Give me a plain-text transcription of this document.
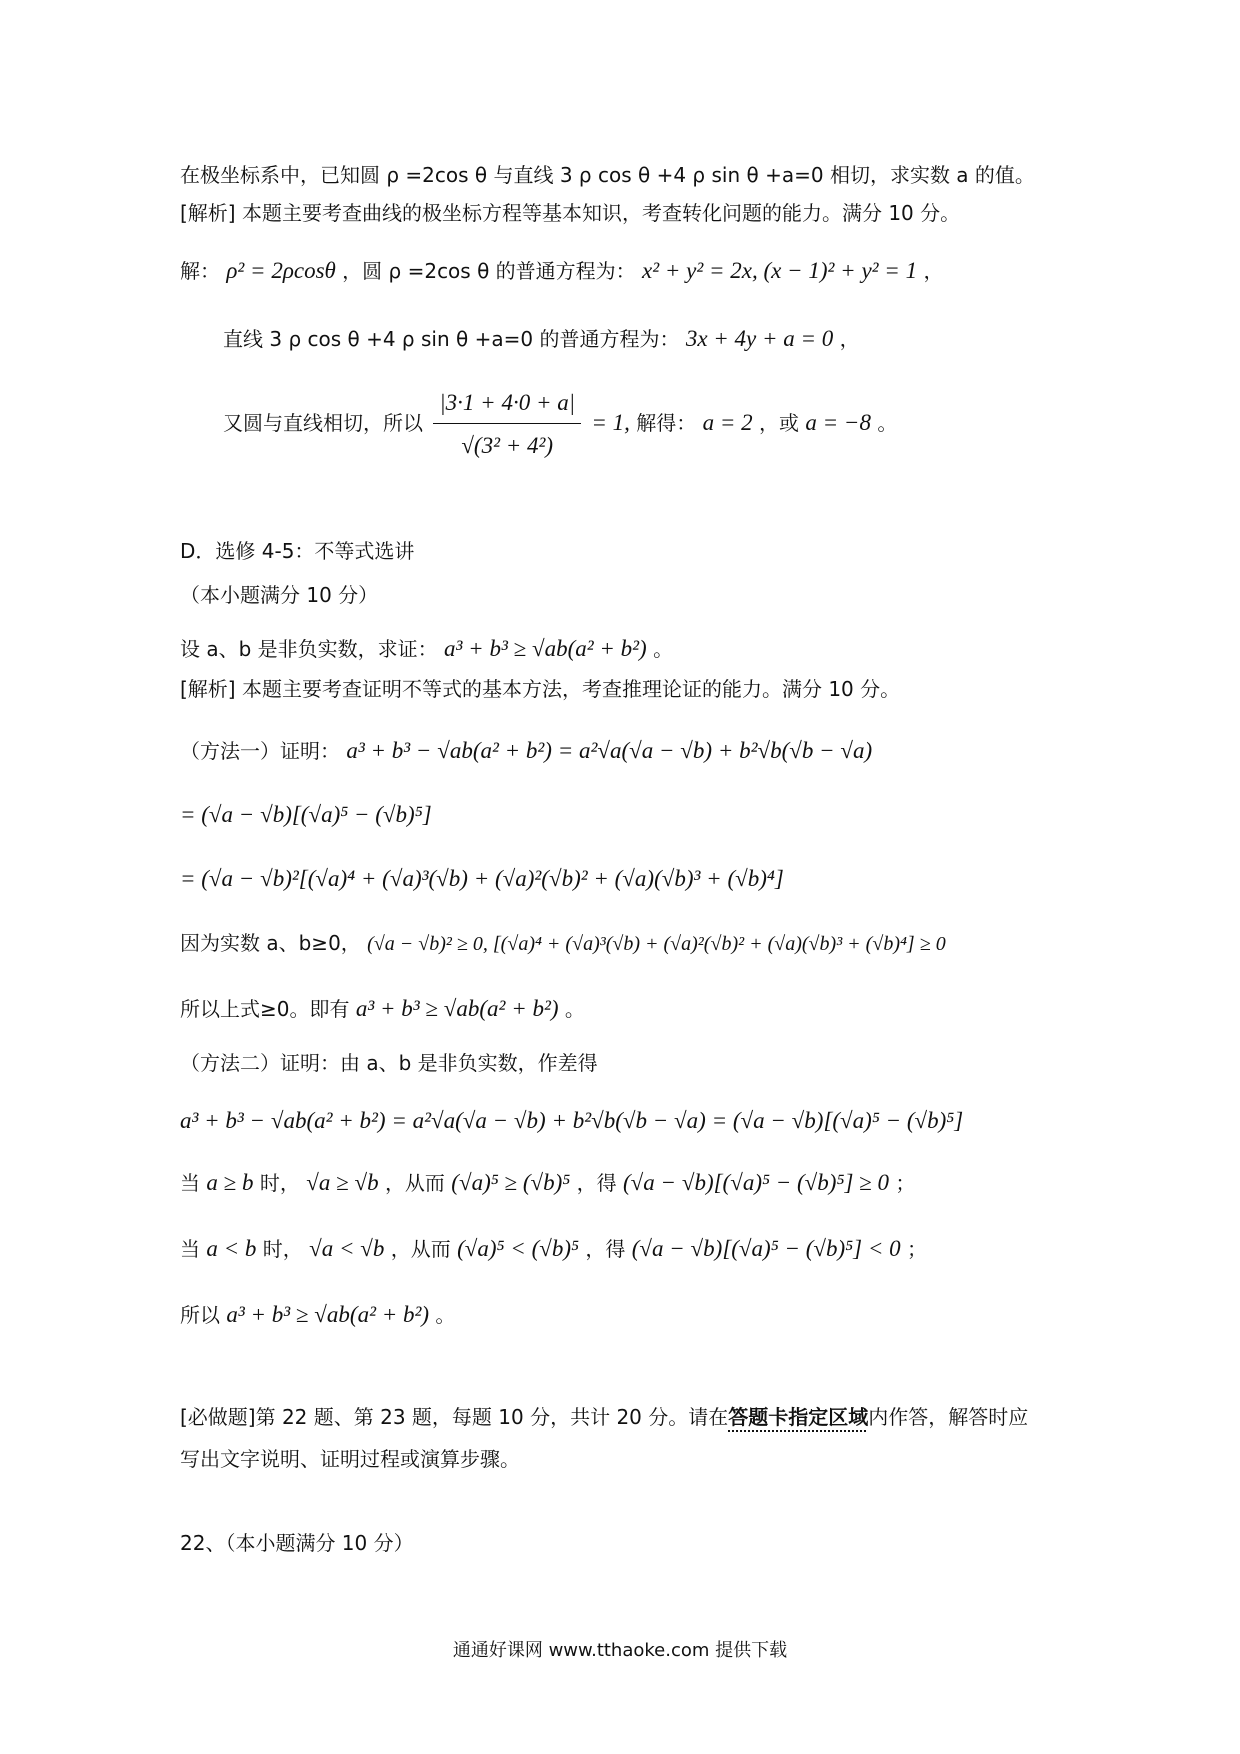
在极坐标系中，已知圆 ρ =2cos θ 与直线 3 ρ cos θ +4 ρ sin θ +a=0 相切，求实数 a 的值。
[解析] 本题主要考查曲线的极坐标方程等基本知识，考查转化问题的能力。满分 10 分。
解： ρ² = 2ρcosθ ，圆 ρ =2cos θ 的普通方程为： x² + y² = 2x, (x − 1)² + y² = 1 ，
直线 3 ρ cos θ +4 ρ sin θ +a=0 的普通方程为： 3x + 4y + a = 0 ，
又圆与直线相切，所以 $\frac{|3\cdot 1 + 4\cdot 0 + a|}{\text{√(3² + 4²)}} = 1$, 解得： a = 2 ，或 a = −8 。
D．选修 4-5：不等式选讲
（本小题满分 10 分）
设 a、b 是非负实数，求证： a³ + b³ ≥ √ab(a² + b²) 。
[解析] 本题主要考查证明不等式的基本方法，考查推理论证的能力。满分 10 分。
（方法一）证明： a³ + b³ − √ab(a² + b²) = a²√a(√a − √b) + b²√b(√b − √a)
= (√a − √b)[(√a)⁵ − (√b)⁵]
= (√a − √b)²[(√a)⁴ + (√a)³(√b) + (√a)²(√b)² + (√a)(√b)³ + (√b)⁴]
因为实数 a、b≥0， (√a − √b)² ≥ 0, [(√a)⁴ + (√a)³(√b) + (√a)²(√b)² + (√a)(√b)³ + (√b)⁴] ≥ 0
所以上式≥0。即有 a³ + b³ ≥ √ab(a² + b²) 。
（方法二）证明：由 a、b 是非负实数，作差得
a³ + b³ − √ab(a² + b²) = a²√a(√a − √b) + b²√b(√b − √a) = (√a − √b)[(√a)⁵ − (√b)⁵]
当 a ≥ b 时， √a ≥ √b ，从而 (√a)⁵ ≥ (√b)⁵ ，得 (√a − √b)[(√a)⁵ − (√b)⁵] ≥ 0 ；
当 a < b 时， √a < √b ，从而 (√a)⁵ < (√b)⁵ ，得 (√a − √b)[(√a)⁵ − (√b)⁵] < 0 ；
所以 a³ + b³ ≥ √ab(a² + b²) 。
[必做题]第 22 题、第 23 题，每题 10 分，共计 20 分。请在答题卡指定区域内作答，解答时应
写出文字说明、证明过程或演算步骤。
22、（本小题满分 10 分）
通通好课网 www.tthaoke.com 提供下载
